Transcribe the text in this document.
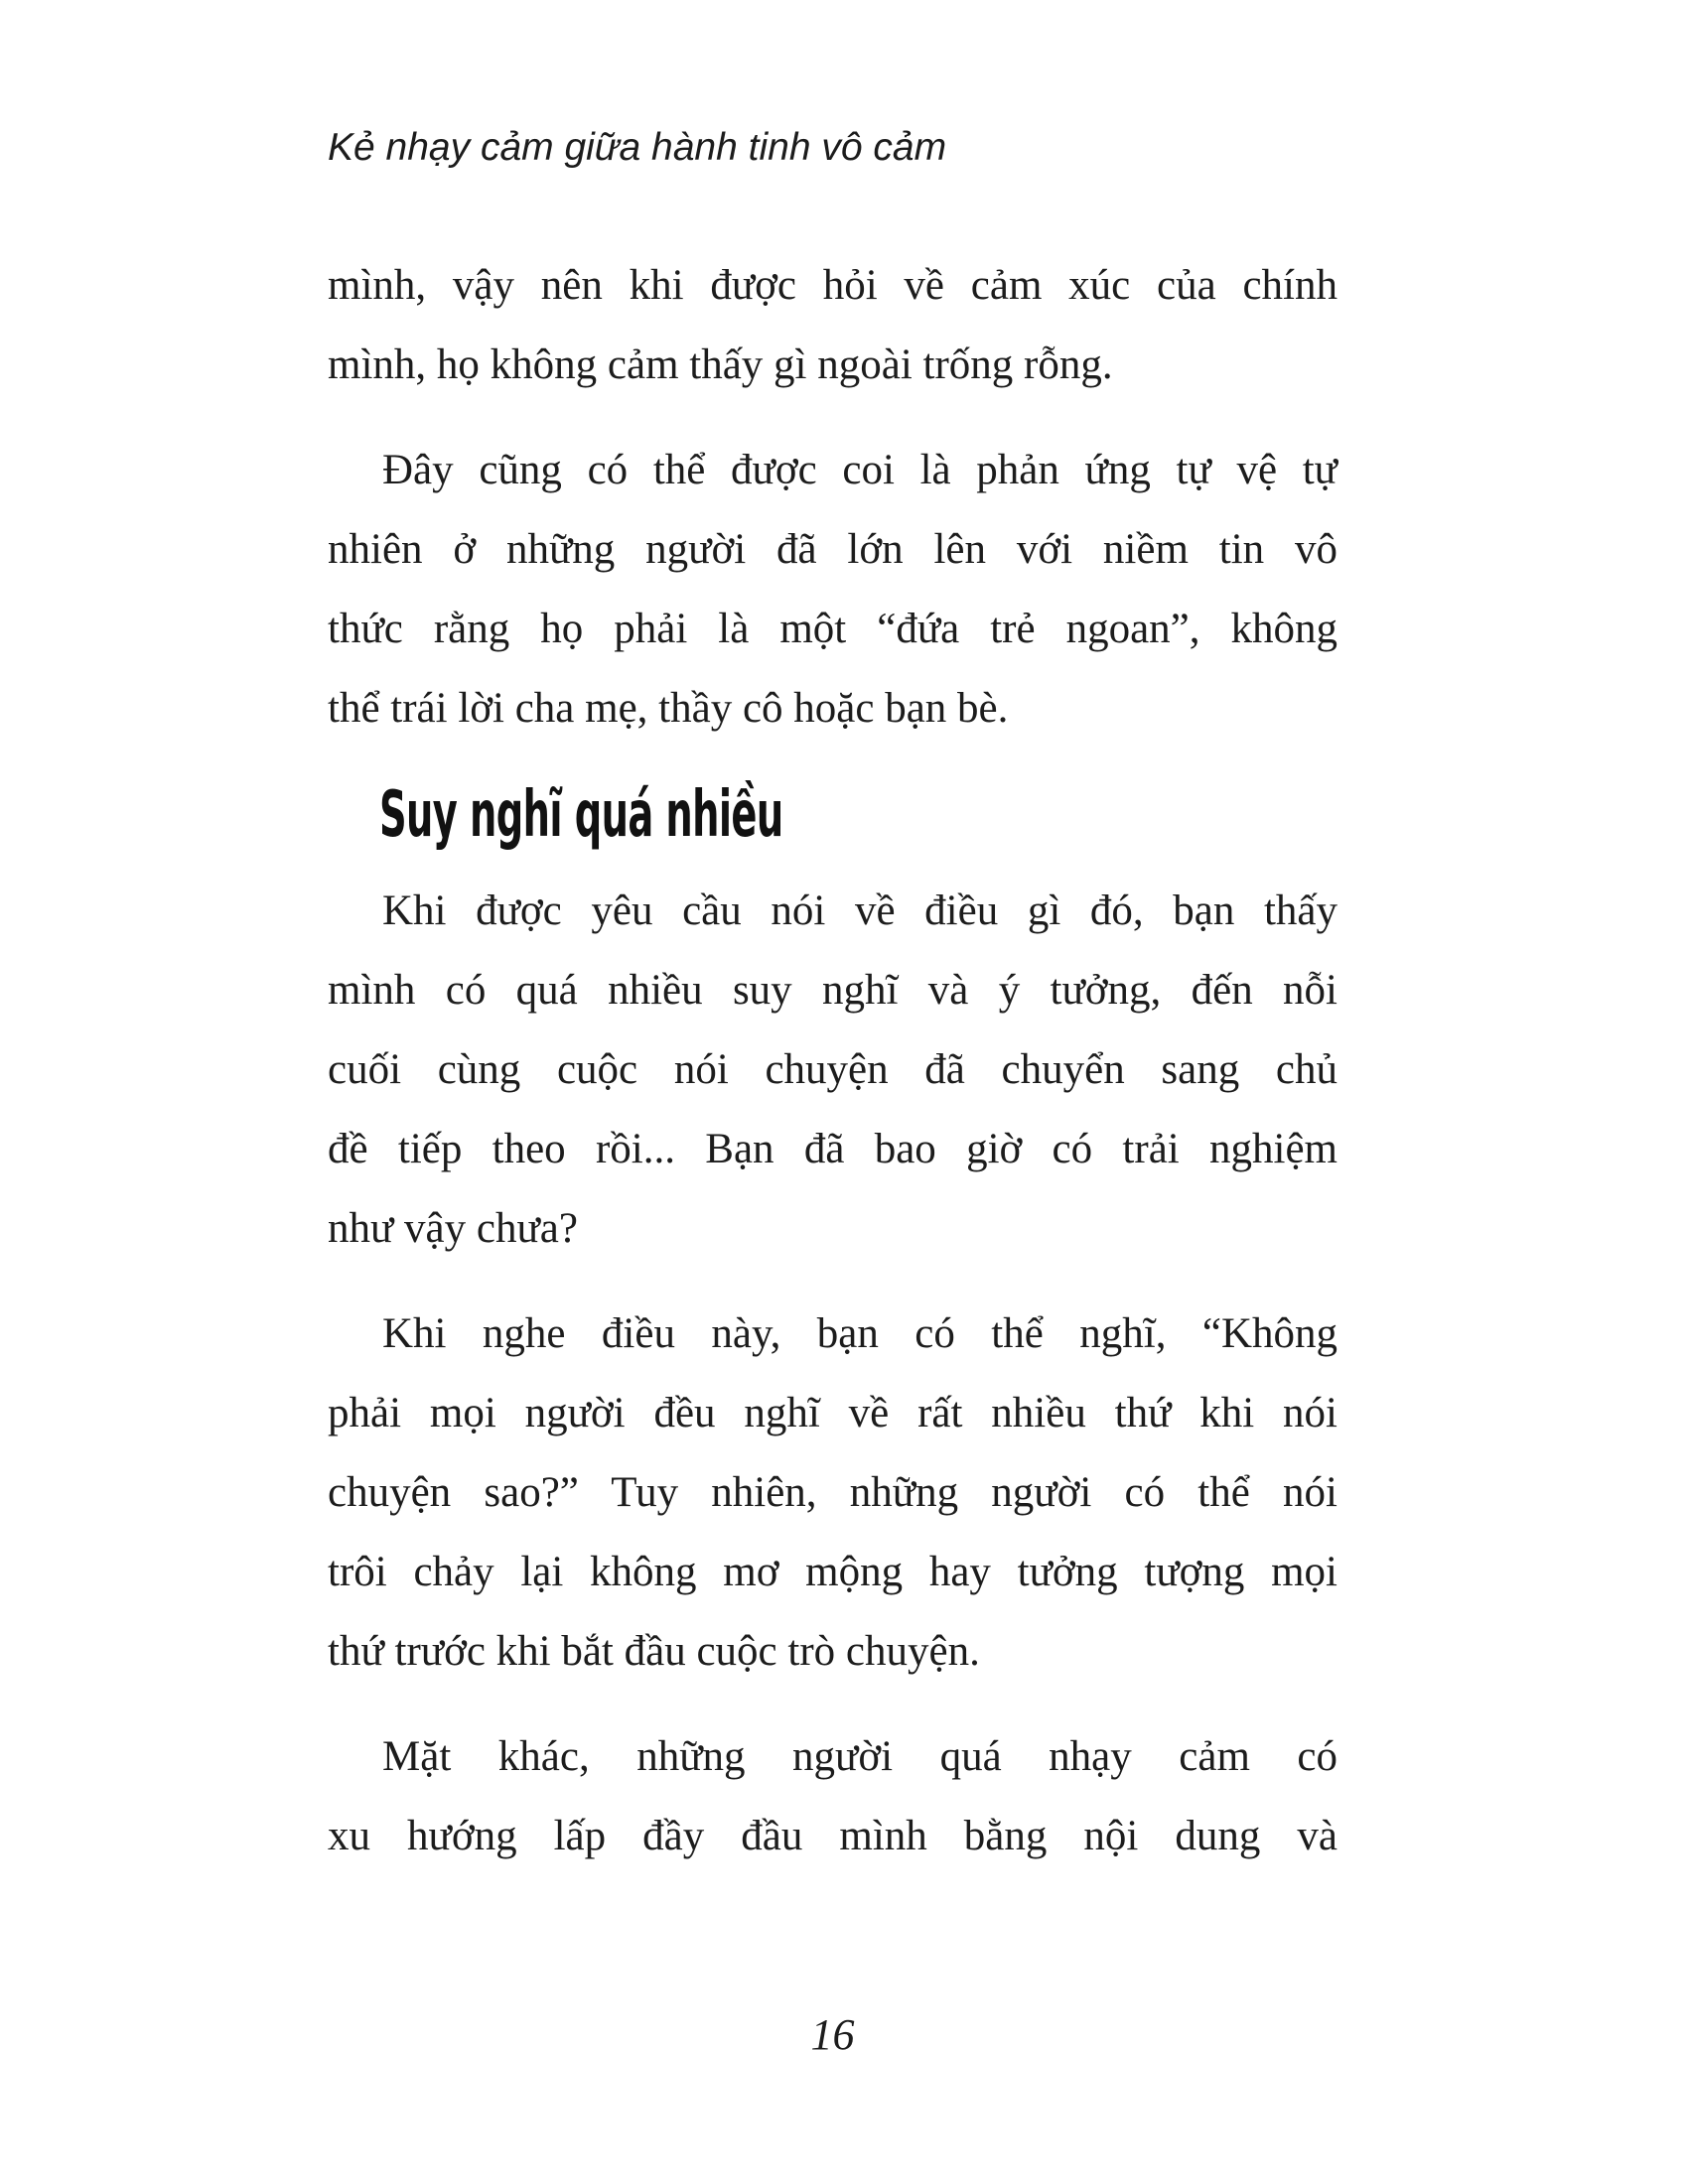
Kẻ nhạy cảm giữa hành tinh vô cảm
mình, vậy nên khi được hỏi về cảm xúc của chính
mình, họ không cảm thấy gì ngoài trống rỗng.
Đây cũng có thể được coi là phản ứng tự vệ tự
nhiên ở những người đã lớn lên với niềm tin vô
thức rằng họ phải là một “đứa trẻ ngoan”, không
thể trái lời cha mẹ, thầy cô hoặc bạn bè.
Suy nghĩ quá nhiều
Khi được yêu cầu nói về điều gì đó, bạn thấy
mình có quá nhiều suy nghĩ và ý tưởng, đến nỗi
cuối cùng cuộc nói chuyện đã chuyển sang chủ
đề tiếp theo rồi... Bạn đã bao giờ có trải nghiệm
như vậy chưa?
Khi nghe điều này, bạn có thể nghĩ, “Không
phải mọi người đều nghĩ về rất nhiều thứ khi nói
chuyện sao?” Tuy nhiên, những người có thể nói
trôi chảy lại không mơ mộng hay tưởng tượng mọi
thứ trước khi bắt đầu cuộc trò chuyện.
Mặt khác, những người quá nhạy cảm có
xu hướng lấp đầy đầu mình bằng nội dung và
16
